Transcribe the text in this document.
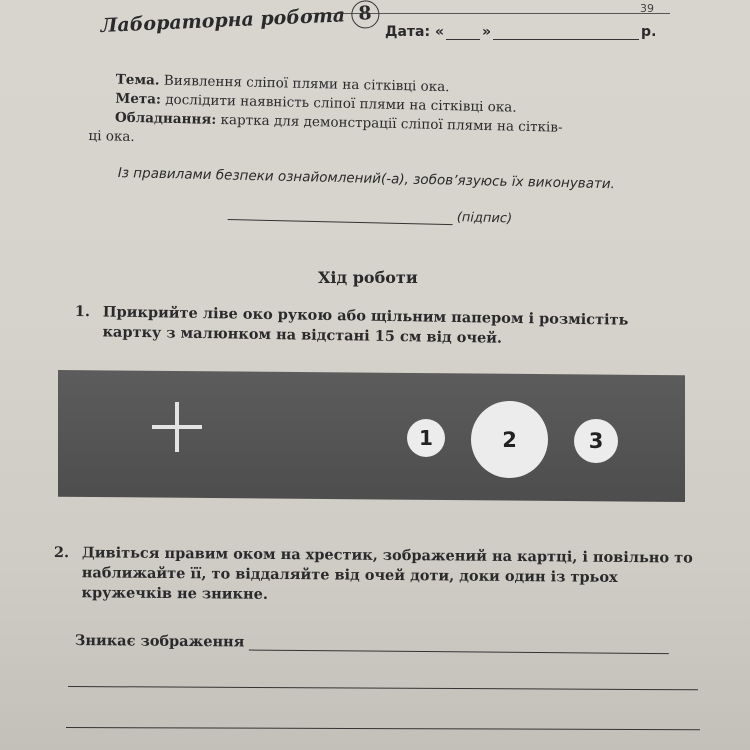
39
Лабораторна робота 8
Дата: «	»	р.

Тема. Виявлення сліпої плями на сітківці ока.

Мета: дослідити наявність сліпої плями на сітківці ока.

Обладнання: картка для демонстрації сліпої плями на сітків-

ці ока.

Із правилами безпеки ознайомлений(-а), зобов’язуюсь їх виконувати.
(підпис)
Хід роботи
1. Прикрийте ліве око рукою або щільним папером і розмістіть картку з малюнком на відстані 15 см від очей.
1	2	3
2. Дивіться правим оком на хрестик, зображений на картці, і повільно то наближайте її, то віддаляйте від очей доти, доки один із трьох кружечків не зникне.
Зникає зображення
